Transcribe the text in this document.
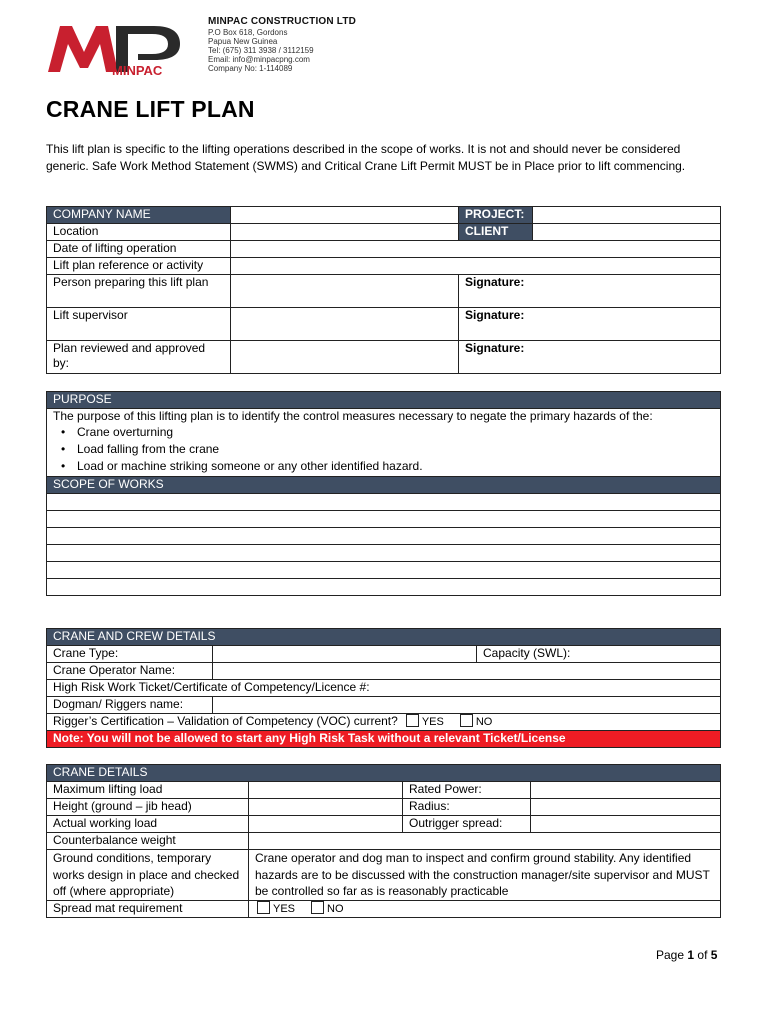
MINPAC
MINPAC CONSTRUCTION LTD
P.O Box 618, Gordons
Papua New Guinea
Tel: (675) 311 3938 / 3112159
Email: info@minpacpng.com
Company No: 1-114089
CRANE LIFT PLAN

This lift plan is specific to the lifting operations described in the scope of works. It is not and should never be considered generic. Safe Work Method Statement (SWMS) and Critical Crane Lift Permit MUST be in Place prior to lift commencing.

COMPANY NAME		PROJECT:	
Location		CLIENT	
Date of lifting operation			
Lift plan reference or activity			
Person preparing this lift plan		Signature:	
Lift supervisor		Signature:	
Plan reviewed and approved by:		Signature:	
PURPOSE

The purpose of this lifting plan is to identify the control measures necessary to negate the primary hazards of the:
• Crane overturning
• Load falling from the crane
• Load or machine striking someone or any other identified hazard.

SCOPE OF WORKS

CRANE AND CREW DETAILS		
Crane Type:		Capacity (SWL):
Crane Operator Name:		
High Risk Work Ticket/Certificate of Competency/Licence #:		
Dogman/ Riggers name:		
Rigger’s Certification – Validation of Competency (VOC) current? YES NO		
Note: You will not be allowed to start any High Risk Task without a relevant Ticket/License		
CRANE DETAILS			
Maximum lifting load		Rated Power:	
Height (ground – jib head)		Radius:	
Actual working load		Outrigger spread:	
Counterbalance weight			
Ground conditions, temporary works design in place and checked off (where appropriate)	Crane operator and dog man to inspect and confirm ground stability. Any identified hazards are to be discussed with the construction manager/site supervisor and MUST be controlled so far as is reasonably practicable		
Spread mat requirement	YES NO		
Page 1 of 5
